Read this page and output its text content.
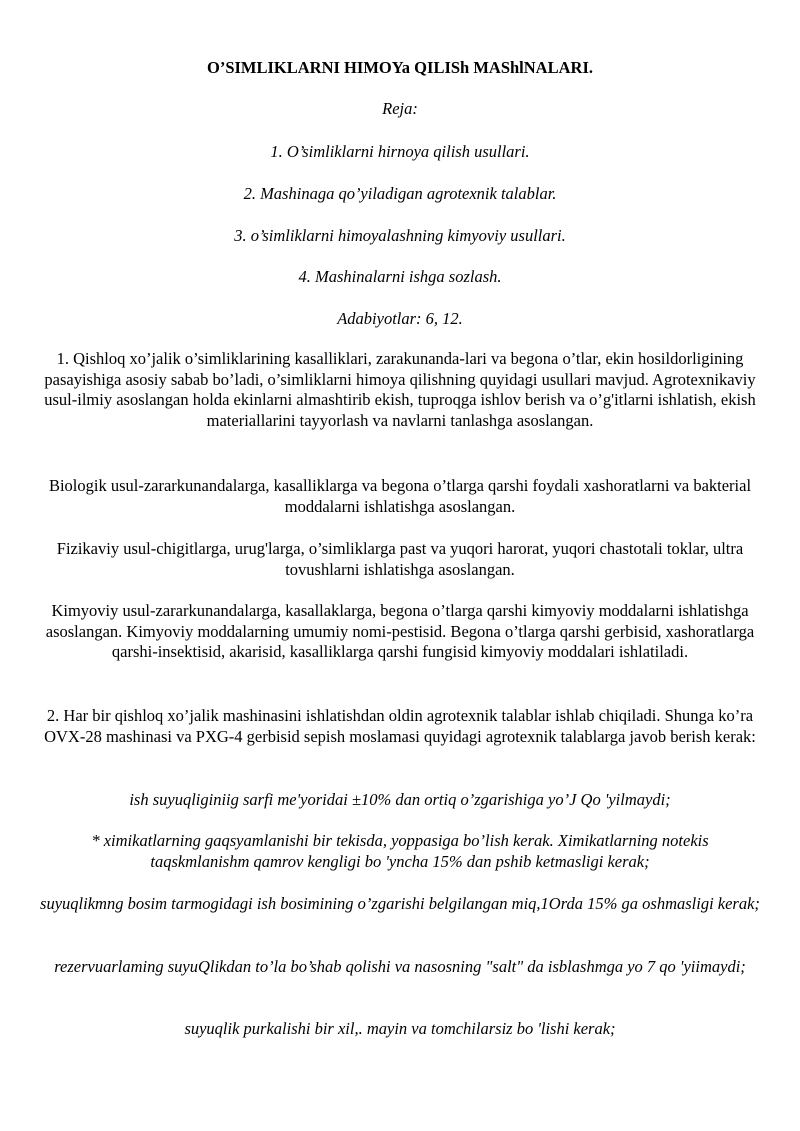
O’SIMLIKLARNI HIMOYa QILISh MAShlNALARI.

Reja:

1. O’simliklarni hirnoya qilish usullari.

2. Mashinaga qo’yiladigan agrotexnik talablar.

3. o’simliklarni himoyalashning kimyoviy usullari.

4. Mashinalarni ishga sozlash.

Adabiyotlar: 6, 12.

1. Qishloq xo’jalik o’simliklarining kasalliklari, zarakunanda-lari va begona o’tlar, ekin hosildorligining pasayishiga asosiy sabab bo’ladi, o’simliklarni himoya qilishning quyidagi usullari mavjud. Agrotexnikaviy usul-ilmiy asoslangan holda ekinlarni almashtirib ekish, tuproqga ishlov berish va o’g'itlarni ishlatish, ekish materiallarini tayyorlash va navlarni tanlashga asoslangan.

Biologik usul-zararkunandalarga, kasalliklarga va begona o’tlarga qarshi foydali xashoratlarni va bakterial moddalarni ishlatishga asoslangan.

Fizikaviy usul-chigitlarga, urug'larga, o’simliklarga past va yuqori harorat, yuqori chastotali toklar, ultra tovushlarni ishlatishga asoslangan.

Kimyoviy usul-zararkunandalarga, kasallaklarga, begona o’tlarga qarshi kimyoviy moddalarni ishlatishga asoslangan. Kimyoviy moddalarning umumiy nomi-pestisid. Begona o’tlarga qarshi gerbisid, xashoratlarga qarshi-insektisid, akarisid, kasalliklarga qarshi fungisid kimyoviy moddalari ishlatiladi.

2. Har bir qishloq xo’jalik mashinasini ishlatishdan oldin agrotexnik talablar ishlab chiqiladi. Shunga ko’ra OVX-28 mashinasi va PXG-4 gerbisid sepish moslamasi quyidagi agrotexnik talablarga javob berish kerak:

ish suyuqliginiig sarfi me'yoridai ±10% dan ortiq o’zgarishiga yo’J Qo 'yilmaydi;

* ximikatlarning gaqsyamlanishi bir tekisda, yoppasiga bo’lish kerak. Ximikatlarning notekis taqskmlanishm qamrov kengligi bo 'yncha 15% dan pshib ketmasligi kerak;

suyuqlikmng bosim tarmogidagi ish bosimining o’zgarishi belgilangan miq,1Orda 15% ga oshmasligi kerak;

rezervuarlaming suyuQlikdan to’la bo’shab qolishi va nasosning "salt" da isblashmga yo 7 qo 'yiimaydi;

suyuqlik purkalishi bir xil,. mayin va tomchilarsiz bo 'lishi kerak;
